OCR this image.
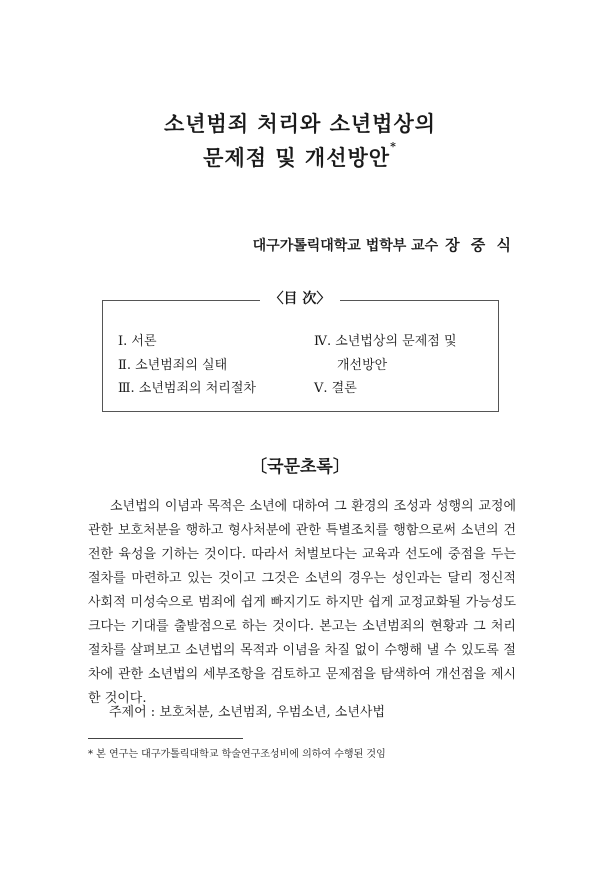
소년범죄 처리와 소년법상의
문제점 및 개선방안*
대구가톨릭대학교 법학부 교수 장 중 식
〈目 次〉
Ⅰ. 서론
Ⅱ. 소년범죄의 실태
Ⅲ. 소년범죄의 처리절차
Ⅳ. 소년법상의 문제점 및
개선방안
Ⅴ. 결론
〔국문초록〕

소년법의 이념과 목적은 소년에 대하여 그 환경의 조성과 성행의 교정에 관한 보호처분을 행하고 형사처분에 관한 특별조치를 행함으로써 소년의 건전한 육성을 기하는 것이다. 따라서 처벌보다는 교육과 선도에 중점을 두는 절차를 마련하고 있는 것이고 그것은 소년의 경우는 성인과는 달리 정신적 사회적 미성숙으로 범죄에 쉽게 빠지기도 하지만 쉽게 교정교화될 가능성도 크다는 기대를 출발점으로 하는 것이다. 본고는 소년범죄의 현황과 그 처리절차를 살펴보고 소년법의 목적과 이념을 차질 없이 수행해 낼 수 있도록 절차에 관한 소년법의 세부조항을 검토하고 문제점을 탐색하여 개선점을 제시한 것이다.

주제어 : 보호처분, 소년범죄, 우범소년, 소년사법
* 본 연구는 대구가톨릭대학교 학술연구조성비에 의하여 수행된 것임
